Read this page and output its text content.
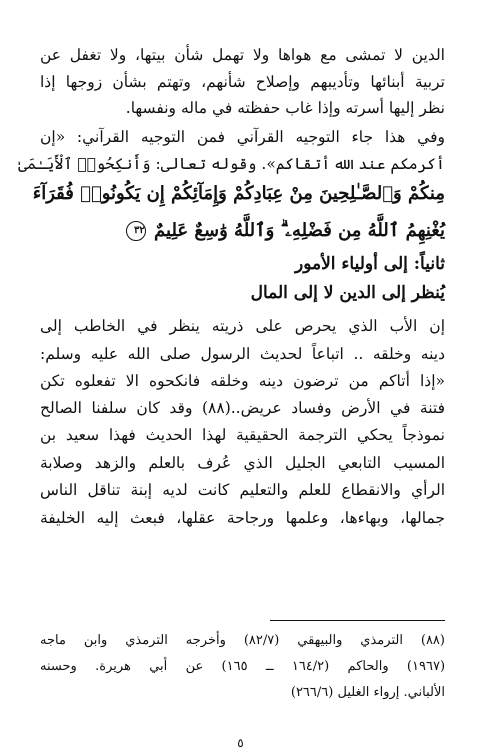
الدين لا تمشى مع هواها ولا تهمل شأن بيتها، ولا تغفل عن
تربية أبنائها وتأديبهم وإصلاح شأنهم، وتهتم بشأن زوجها إذا
نظر إليها أسرته وإذا غاب حفظته في ماله ونفسها.
وفي هذا جاء التوجيه القرآني فمن التوجيه القرآني: «إن
أكرمكم عند الله أتقاكم». وقوله تعالى: وَأَنكِحُوا۟ ٱلْأَيَـٰمَىٰ
مِنكُمْ وَٱلصَّـٰلِحِينَ مِنْ عِبَادِكُمْ وَإِمَآئِكُمْ إِن يَكُونُوا۟ فُقَرَآءَ
يُغْنِهِمُ ٱللَّهُ مِن فَضْلِهِۦ ۗ وَٱللَّهُ وَٰسِعٌ عَلِيمٌ ٣٢
ثانياً: إلى أولياء الأمور
يُنظر إلى الدين لا إلى المال
إن الأب الذي يحرص على ذريته ينظر في الخاطب إلى
دينه وخلقه .. اتباعاً لحديث الرسول صلى الله عليه وسلم:
«إذا أتاكم من ترضون دينه وخلقه فانكحوه الا تفعلوه تكن
فتنة في الأرض وفساد عريض..(٨٨) وقد كان سلفنا الصالح
نموذجاً يحكي الترجمة الحقيقية لهذا الحديث فهذا سعيد بن
المسيب التابعي الجليل الذي عُرف بالعلم والزهد وصلابة
الرأي والانقطاع للعلم والتعليم كانت لديه إبنة تناقل الناس
جمالها، وبهاءها، وعلمها ورجاحة عقلها، فبعث إليه الخليفة
(٨٨) الترمذي والبيهقي (٨٢/٧) وأخرجه الترمذي وابن ماجه
(١٩٦٧) والحاكم (١٦٤/٢ ــ ١٦٥) عن أبي هريرة. وحسنه
الألباني. إرواء الغليل (٢٦٦/٦)
٥
